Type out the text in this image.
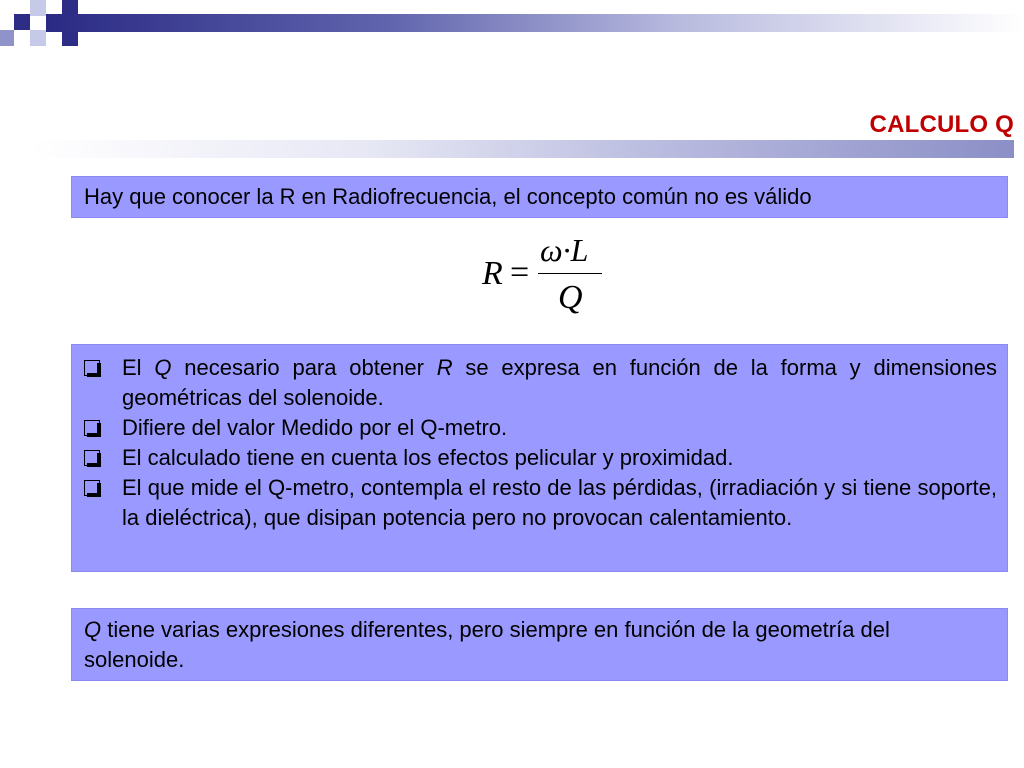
CALCULO Q
Hay que conocer la R en Radiofrecuencia, el concepto común no es válido
R =
ω·L
Q
El Q necesario para obtener R se expresa en función de la forma y dimensiones geométricas del solenoide.
Difiere del valor Medido por el Q-metro.
El calculado tiene en cuenta los efectos pelicular y proximidad.
El que mide el Q-metro, contempla el resto de las pérdidas, (irradiación y si tiene soporte, la dieléctrica), que disipan potencia pero no provocan calentamiento.
Q tiene varias expresiones diferentes, pero siempre en función de la geometría del solenoide.
